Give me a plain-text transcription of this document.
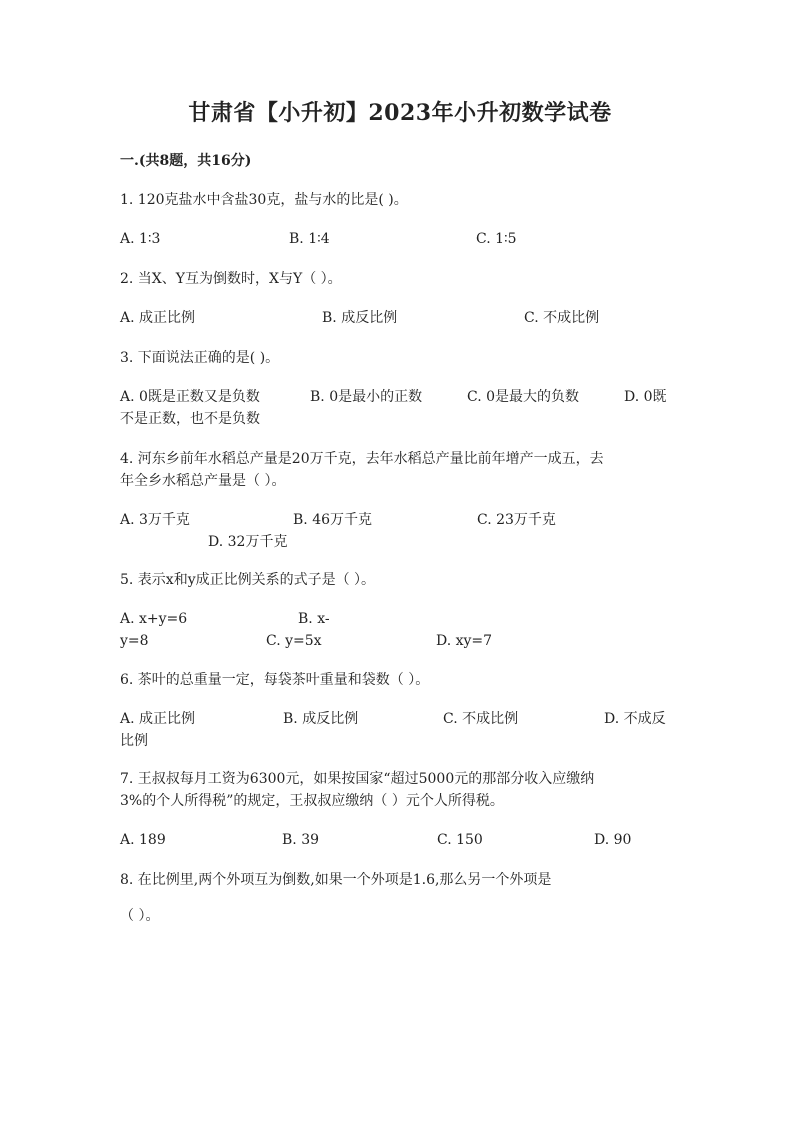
甘肃省【小升初】2023年小升初数学试卷
一.(共8题，共16分)
1. 120克盐水中含盐30克，盐与水的比是( )。
A. 1∶3	B. 1∶4	C. 1∶5
2. 当X、Y互为倒数时，X与Y（ ）。
A. 成正比例	B. 成反比例	C. 不成比例
3. 下面说法正确的是( )。
A. 0既是正数又是负数	B. 0是最小的正数	C. 0是最大的负数	D. 0既
不是正数，也不是负数
4. 河东乡前年水稻总产量是20万千克，去年水稻总产量比前年增产一成五，去
年全乡水稻总产量是（ ）。
A. 3万千克	B. 46万千克	C. 23万千克
D. 32万千克
5. 表示x和y成正比例关系的式子是（ ）。
A. x+y=6	B. x-
y=8	C. y=5x	D. xy=7
6. 茶叶的总重量一定，每袋茶叶重量和袋数（ ）。
A. 成正比例	B. 成反比例	C. 不成比例	D. 不成反
比例
7. 王叔叔每月工资为6300元，如果按国家“超过5000元的那部分收入应缴纳
3%的个人所得税”的规定，王叔叔应缴纳（ ）元个人所得税。
A. 189	B. 39	C. 150	D. 90
8. 在比例里,两个外项互为倒数,如果一个外项是1.6,那么另一个外项是
（ ）。
